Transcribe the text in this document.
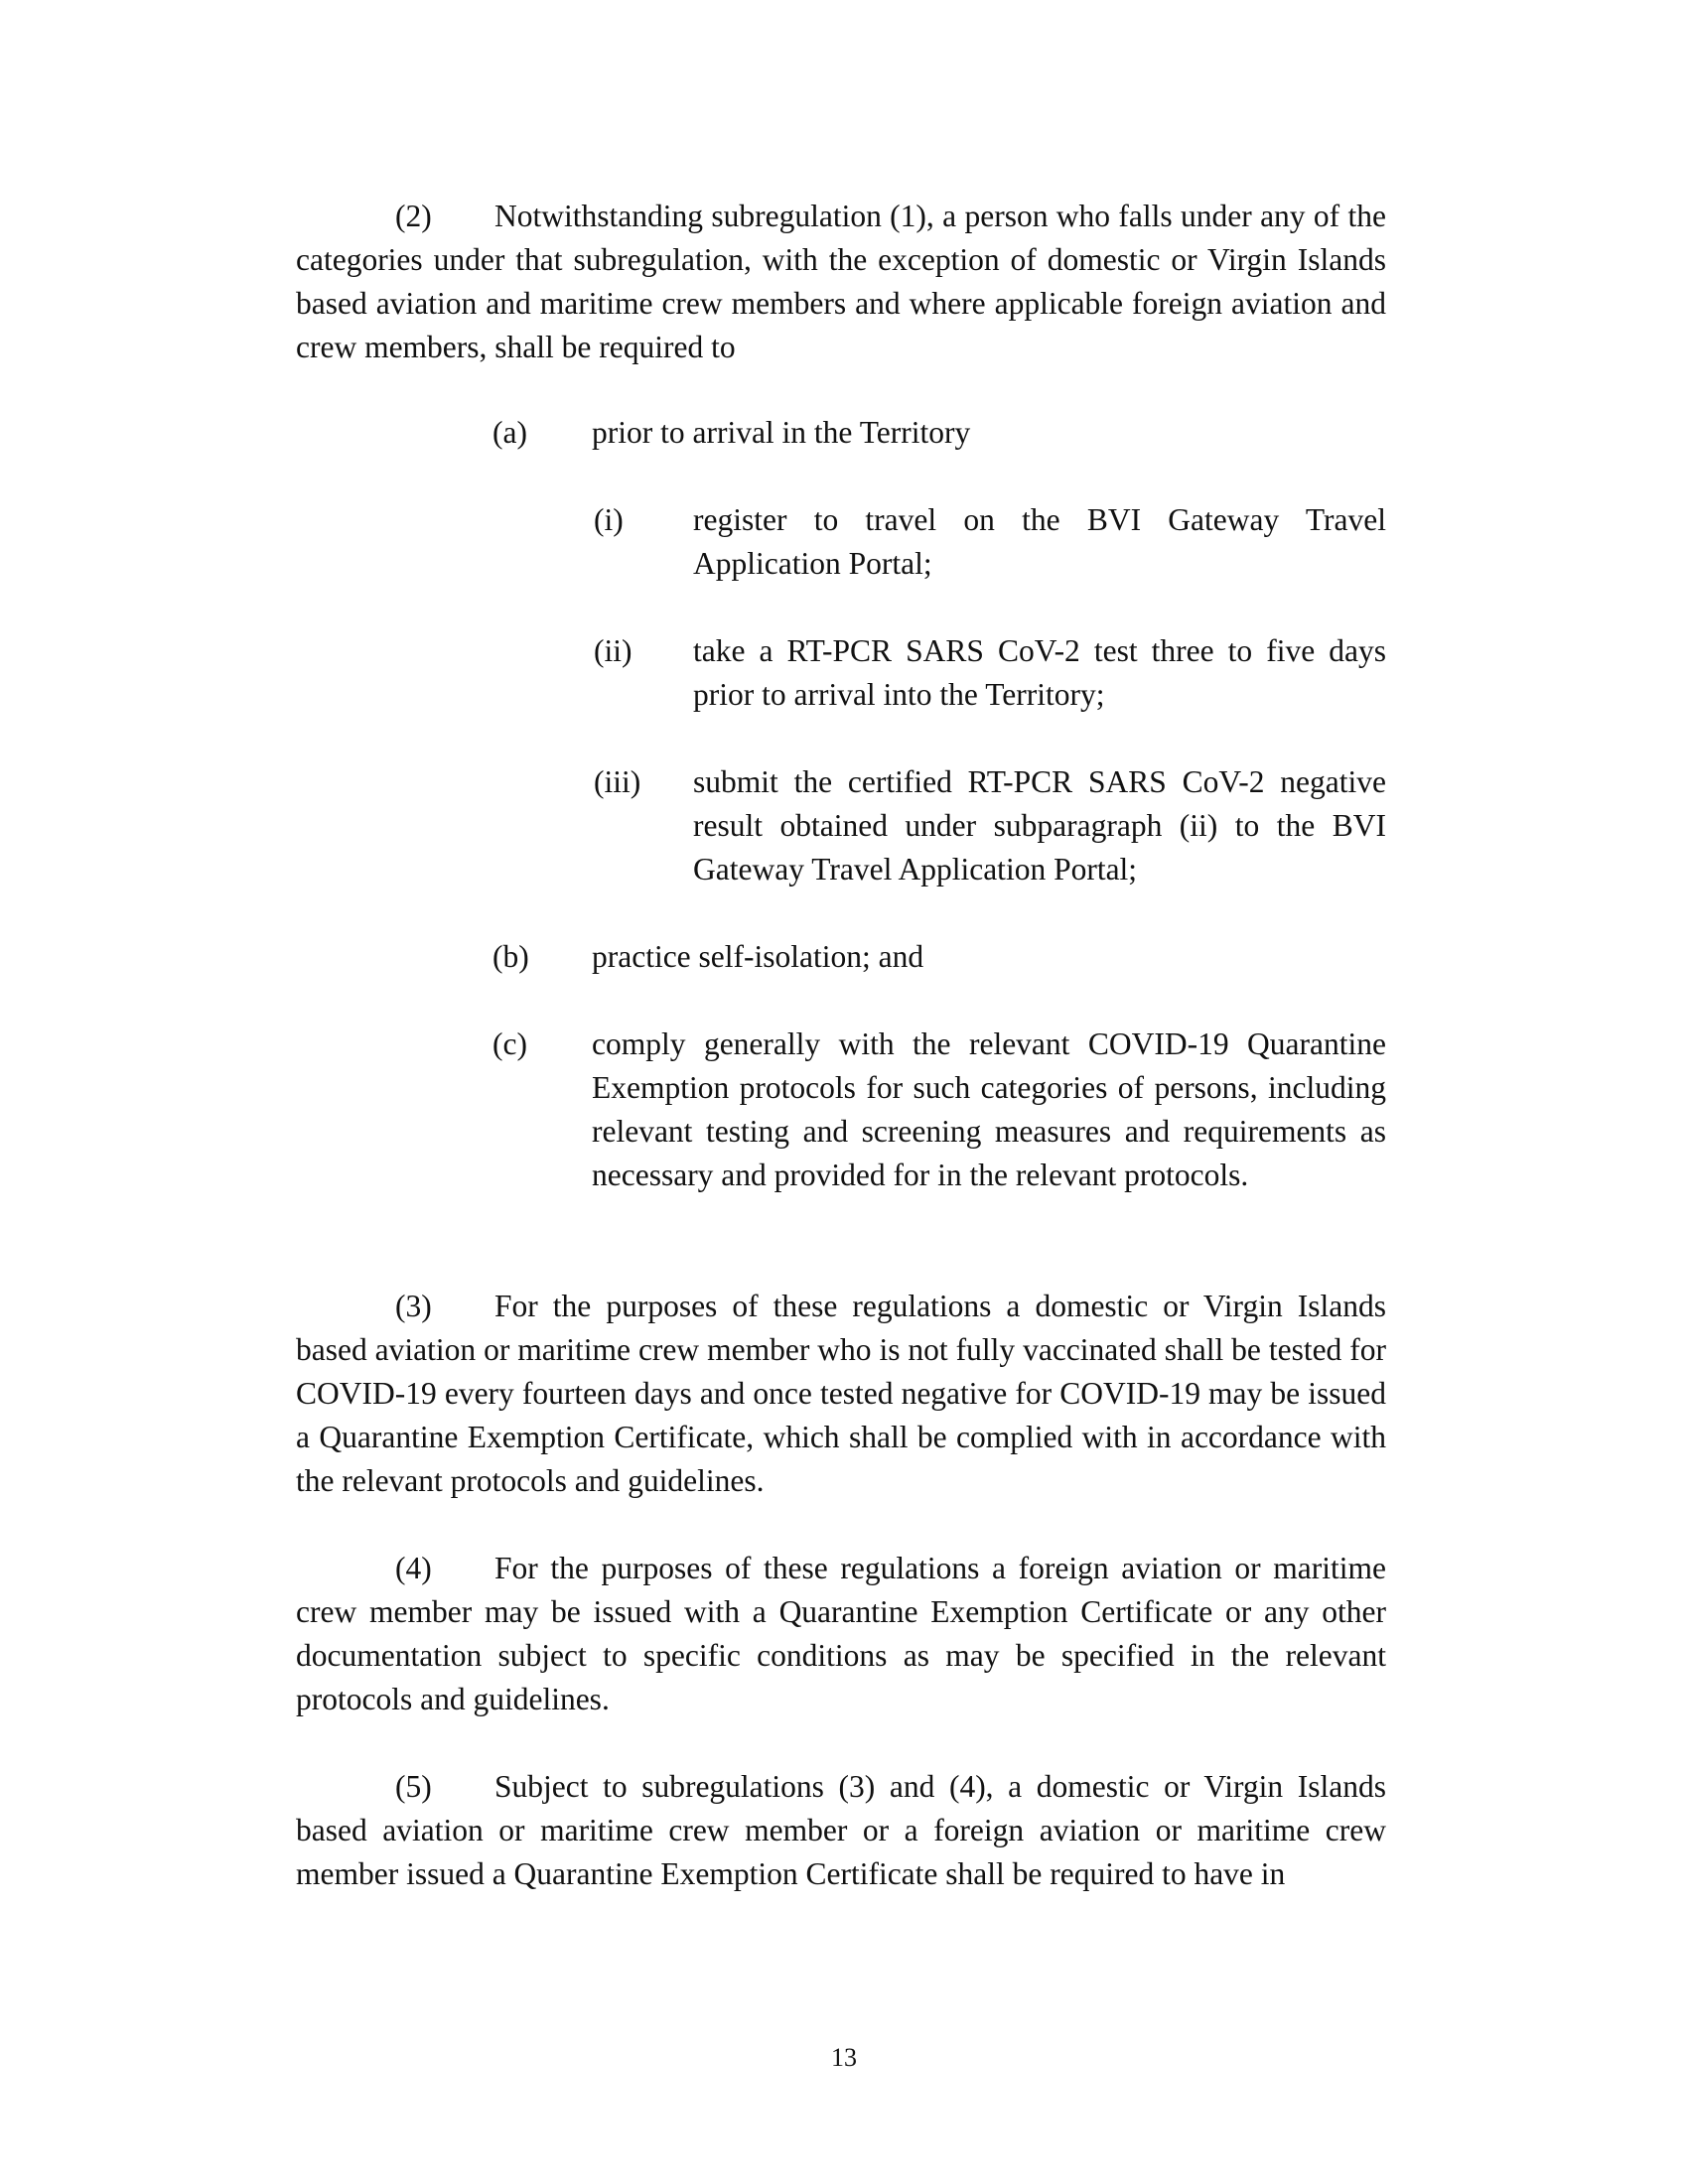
(2) Notwithstanding subregulation (1), a person who falls under any of the categories under that subregulation, with the exception of domestic or Virgin Islands based aviation and maritime crew members and where applicable foreign aviation and crew members, shall be required to

(a) prior to arrival in the Territory
(i) register to travel on the BVI Gateway Travel Application Portal;
(ii) take a RT-PCR SARS CoV-2 test three to five days prior to arrival into the Territory;
(iii) submit the certified RT-PCR SARS CoV-2 negative result obtained under subparagraph (ii) to the BVI Gateway Travel Application Portal;
(b) practice self-isolation; and
(c) comply generally with the relevant COVID-19 Quarantine Exemption protocols for such categories of persons, including relevant testing and screening measures and requirements as necessary and provided for in the relevant protocols.

(3) For the purposes of these regulations a domestic or Virgin Islands based aviation or maritime crew member who is not fully vaccinated shall be tested for COVID-19 every fourteen days and once tested negative for COVID-19 may be issued a Quarantine Exemption Certificate, which shall be complied with in accordance with the relevant protocols and guidelines.

(4) For the purposes of these regulations a foreign aviation or maritime crew member may be issued with a Quarantine Exemption Certificate or any other documentation subject to specific conditions as may be specified in the relevant protocols and guidelines.

(5) Subject to subregulations (3) and (4), a domestic or Virgin Islands based aviation or maritime crew member or a foreign aviation or maritime crew member issued a Quarantine Exemption Certificate shall be required to have in

13
